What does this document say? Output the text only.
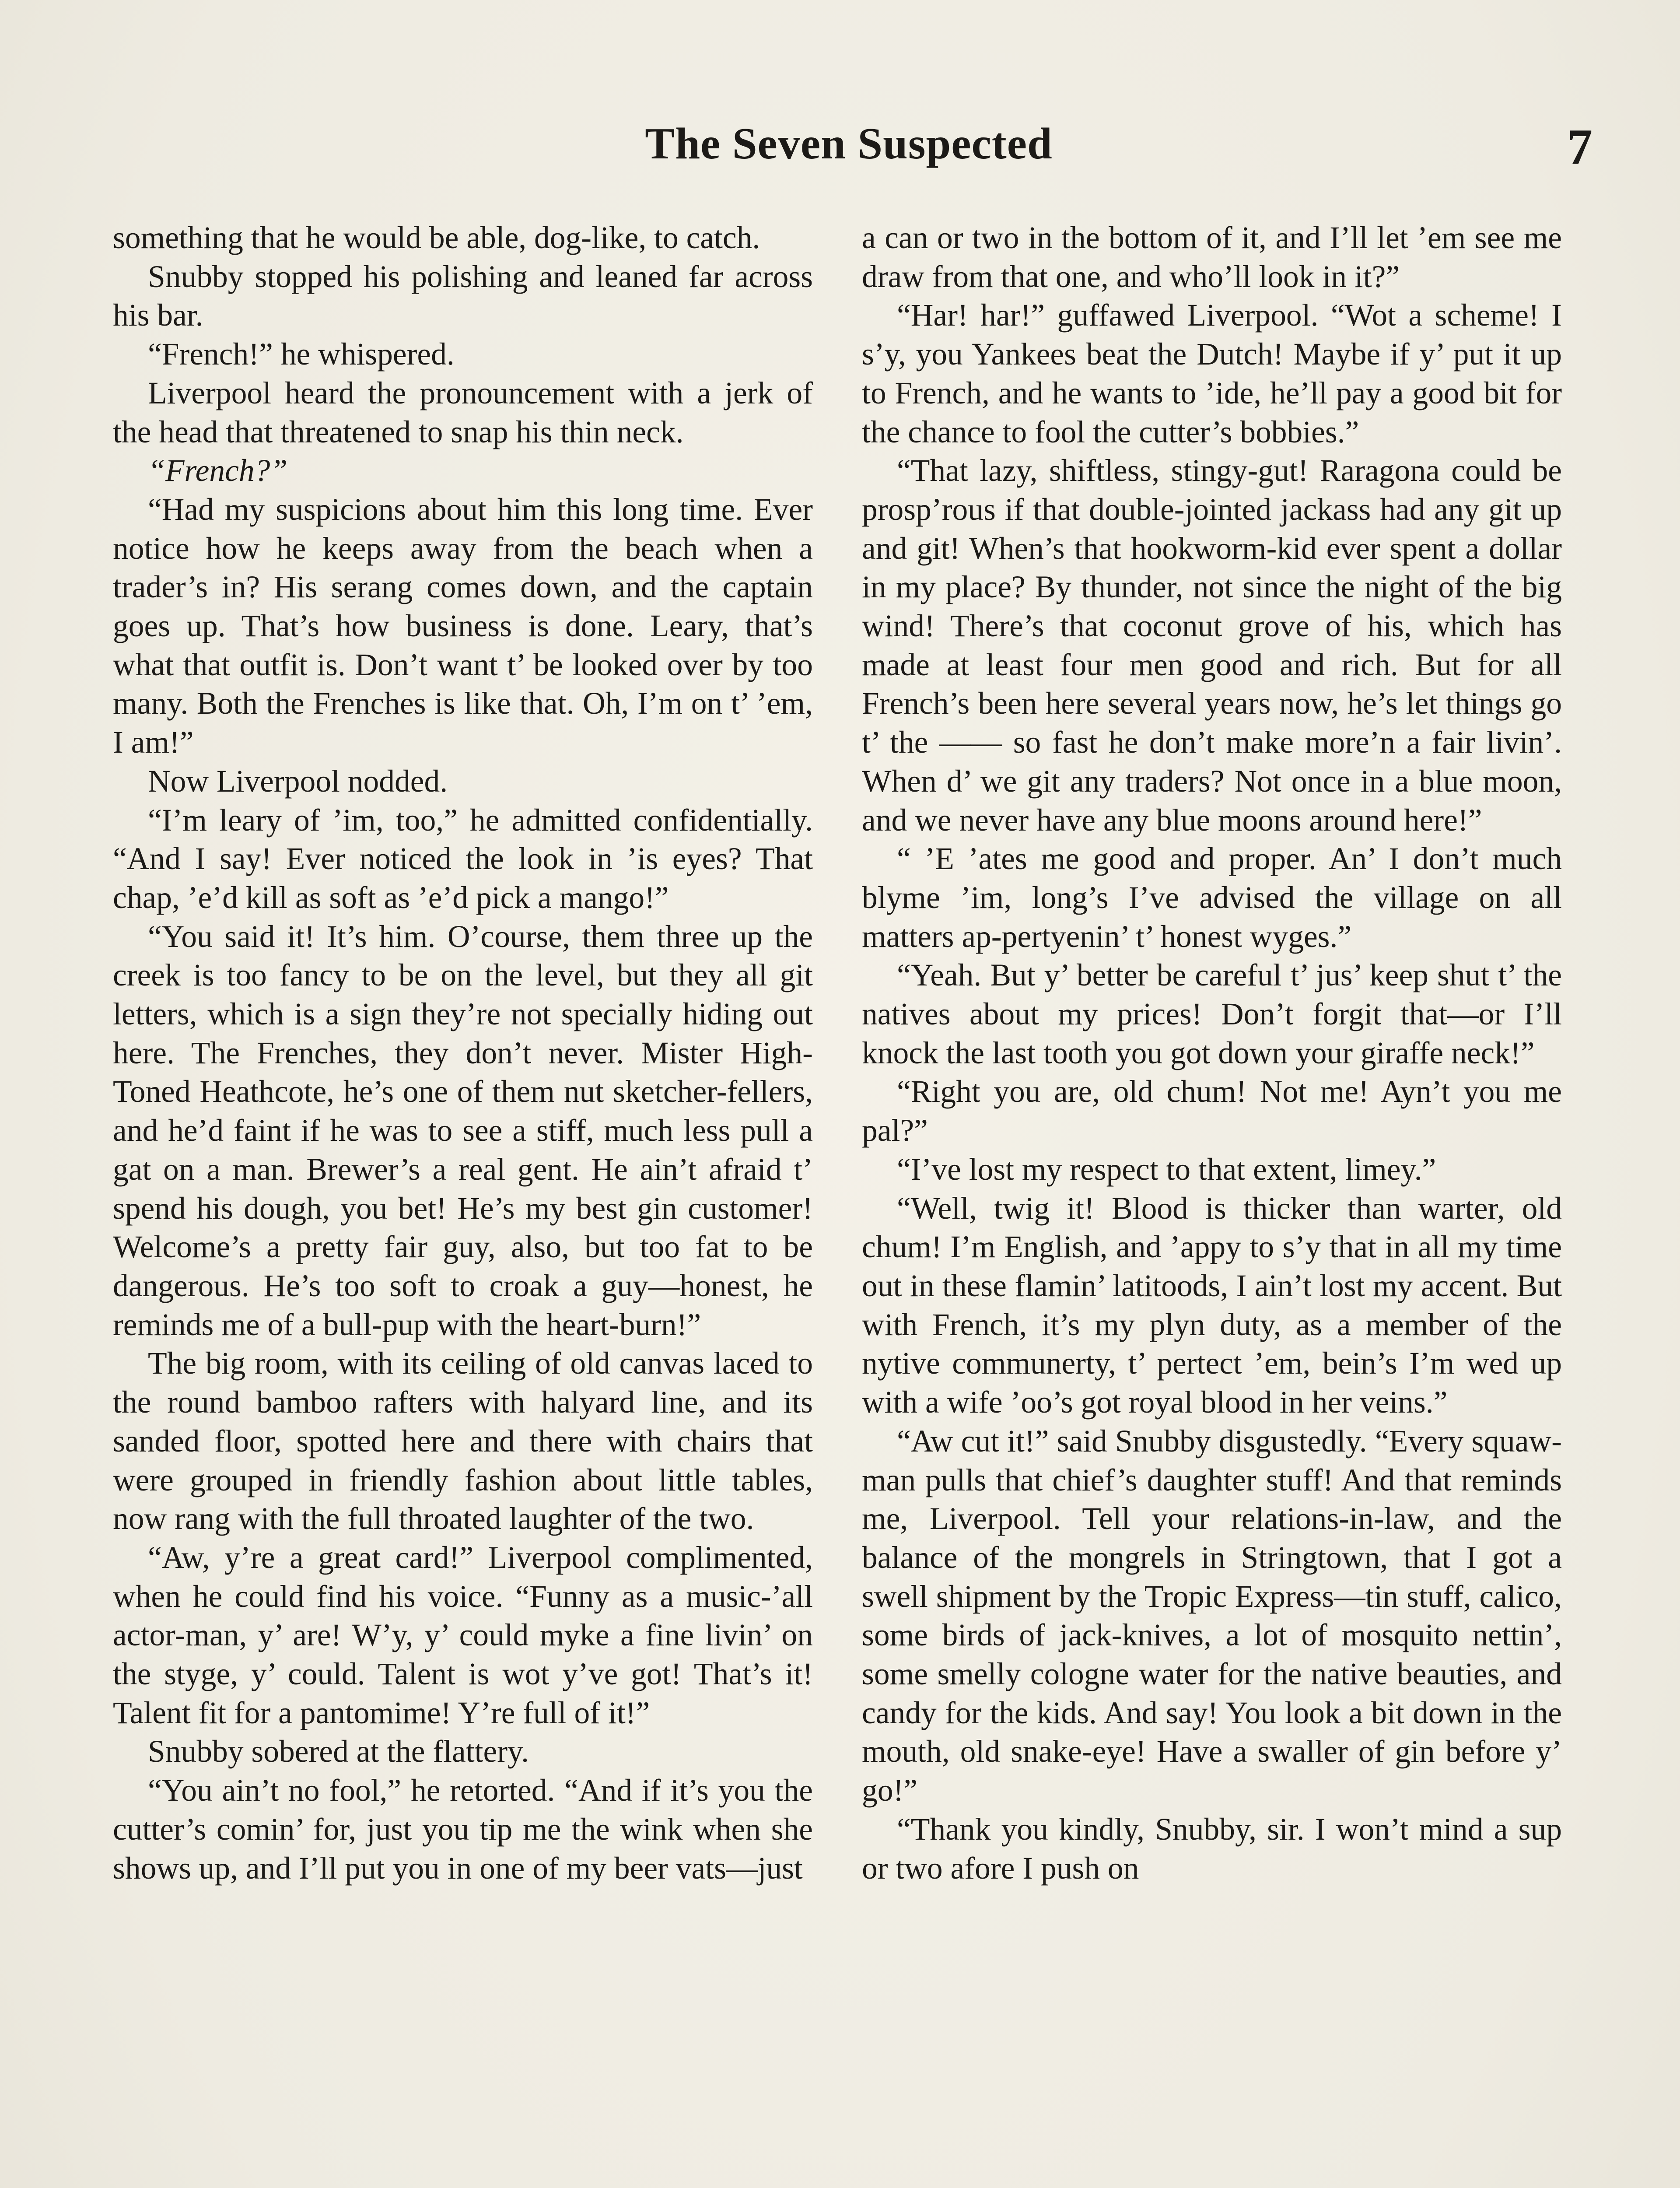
The Seven Suspected	7

something that he would be able, dog-like, to catch.

Snubby stopped his polishing and leaned far across his bar.

“French!” he whispered.

Liverpool heard the pronouncement with a jerk of the head that threatened to snap his thin neck.

“French?”

“Had my suspicions about him this long time. Ever notice how he keeps away from the beach when a trader’s in? His serang comes down, and the captain goes up. That’s how business is done. Leary, that’s what that outfit is. Don’t want t’ be looked over by too many. Both the Frenches is like that. Oh, I’m on t’ ’em, I am!”

Now Liverpool nodded.

“I’m leary of ’im, too,” he admitted confidentially. “And I say! Ever noticed the look in ’is eyes? That chap, ’e’d kill as soft as ’e’d pick a mango!”

“You said it! It’s him. O’course, them three up the creek is too fancy to be on the level, but they all git letters, which is a sign they’re not specially hiding out here. The Frenches, they don’t never. Mister High-Toned Heathcote, he’s one of them nut sketcher-fellers, and he’d faint if he was to see a stiff, much less pull a gat on a man. Brewer’s a real gent. He ain’t afraid t’ spend his dough, you bet! He’s my best gin customer! Welcome’s a pretty fair guy, also, but too fat to be dangerous. He’s too soft to croak a guy—honest, he reminds me of a bull-pup with the heart-burn!”

The big room, with its ceiling of old canvas laced to the round bamboo rafters with halyard line, and its sanded floor, spotted here and there with chairs that were grouped in friendly fashion about little tables, now rang with the full throated laughter of the two.

“Aw, y’re a great card!” Liverpool complimented, when he could find his voice. “Funny as a music-’all actor-man, y’ are! W’y, y’ could myke a fine livin’ on the styge, y’ could. Talent is wot y’ve got! That’s it! Talent fit for a pantomime! Y’re full of it!”

Snubby sobered at the flattery.

“You ain’t no fool,” he retorted. “And if it’s you the cutter’s comin’ for, just you tip me the wink when she shows up, and I’ll put you in one of my beer vats—just

a can or two in the bottom of it, and I’ll let ’em see me draw from that one, and who’ll look in it?”

“Har! har!” guffawed Liverpool. “Wot a scheme! I s’y, you Yankees beat the Dutch! Maybe if y’ put it up to French, and he wants to ’ide, he’ll pay a good bit for the chance to fool the cutter’s bobbies.”

“That lazy, shiftless, stingy-gut! Raragona could be prosp’rous if that double-jointed jackass had any git up and git! When’s that hookworm-kid ever spent a dollar in my place? By thunder, not since the night of the big wind! There’s that coconut grove of his, which has made at least four men good and rich. But for all French’s been here several years now, he’s let things go t’ the —— so fast he don’t make more’n a fair livin’. When d’ we git any traders? Not once in a blue moon, and we never have any blue moons around here!”

“ ’E ’ates me good and proper. An’ I don’t much blyme ’im, long’s I’ve advised the village on all matters ap-pertyenin’ t’ honest wyges.”

“Yeah. But y’ better be careful t’ jus’ keep shut t’ the natives about my prices! Don’t forgit that—or I’ll knock the last tooth you got down your giraffe neck!”

“Right you are, old chum! Not me! Ayn’t you me pal?”

“I’ve lost my respect to that extent, limey.”

“Well, twig it! Blood is thicker than warter, old chum! I’m English, and ’appy to s’y that in all my time out in these flamin’ latitoods, I ain’t lost my accent. But with French, it’s my plyn duty, as a member of the nytive communerty, t’ pertect ’em, bein’s I’m wed up with a wife ’oo’s got royal blood in her veins.”

“Aw cut it!” said Snubby disgustedly. “Every squaw-man pulls that chief’s daughter stuff! And that reminds me, Liverpool. Tell your relations-in-law, and the balance of the mongrels in Stringtown, that I got a swell shipment by the Tropic Express—tin stuff, calico, some birds of jack-knives, a lot of mosquito nettin’, some smelly cologne water for the native beauties, and candy for the kids. And say! You look a bit down in the mouth, old snake-eye! Have a swaller of gin before y’ go!”

“Thank you kindly, Snubby, sir. I won’t mind a sup or two afore I push on
